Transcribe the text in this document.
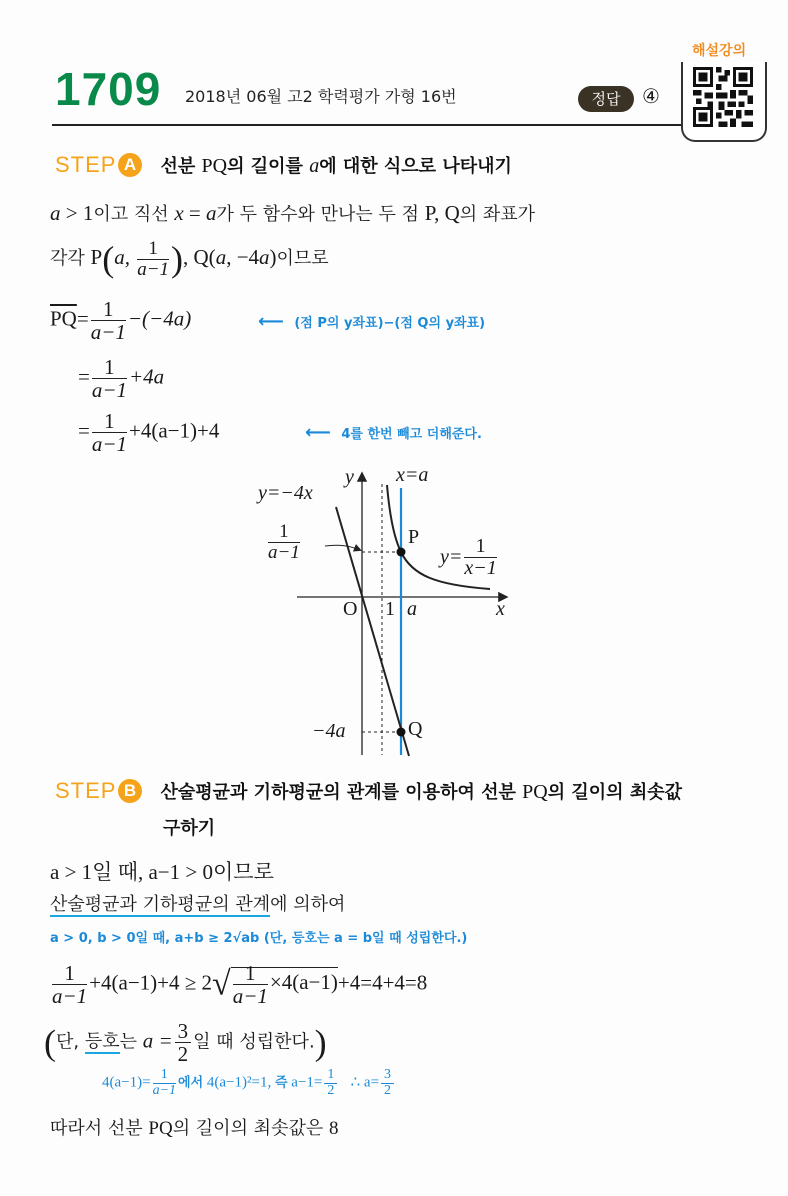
1709 2018년 06월 고2 학력평가 가형 16번	정답	④
해설강의
STEP A 선분 PQ의 길이를 a에 대한 식으로 나타내기
a > 1이고 직선 x = a가 두 함수와 만나는 두 점 P, Q의 좌표가
각각 P(a, $\frac{1}{a-1}$ ), Q(a, −4a)이므로
$\overline{PQ}= \frac{1}{a-1} -(-4a)$	⟵ (점 P의 y좌표)−(점 Q의 y좌표)
= $\frac{1}{a-1} +4a$
= $\frac{1}{a-1} +4(a-1)+4$	⟵ 4를 한번 빼고 더해준다.
y=−4x
y x=a
$\frac{1}{a-1}$	P
$y= \frac{1}{x-1}$
O 1 a	x
−4a	Q
STEP B 산술평균과 기하평균의 관계를 이용하여 선분 PQ의 길이의 최솟값
구하기
a > 1일 때, a−1 > 0이므로
산술평균과 기하평균의 관계에 의하여
a > 0, b > 0일 때, a+b ≥ 2√ab (단, 등호는 a = b일 때 성립한다.)
$\frac{1}{a-1} +4(a-1)+4 \ge 2√ \frac{1}{a-1} \times 4(a-1)+4=4+4=8$
(단, 등호는 $a = \frac{3}{2}$ 일 때 성립한다.)
$4(a-1)= \frac{1}{a-1}$ 에서 4(a−1)²=1, 즉 $a-1= \frac{1}{2}$ ∴ $a= \frac{3}{2}$
따라서 선분 PQ의 길이의 최솟값은 8
